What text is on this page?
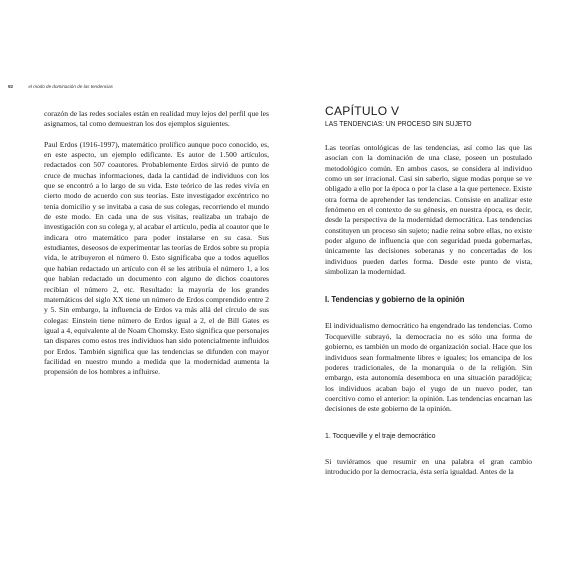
92	el modo de dominación de las tendencias

corazón de las redes sociales están en realidad muy lejos del perfil que les asignamos, tal como demuestran los dos ejemplos siguientes.

Paul Erdos (1916-1997), matemático prolífico aunque poco conocido, es, en este aspecto, un ejemplo edificante. Es autor de 1.500 artículos, redactados con 507 coautores. Probablemente Erdos sirvió de punto de cruce de muchas informaciones, dada la cantidad de individuos con los que se encontró a lo largo de su vida. Este teórico de las redes vivía en cierto modo de acuerdo con sus teorías. Este investigador excéntrico no tenía domicilio y se invitaba a casa de sus colegas, recorriendo el mundo de este modo. En cada una de sus visitas, realizaba un trabajo de investigación con su colega y, al acabar el artículo, pedía al coautor que le indicara otro matemático para poder instalarse en su casa. Sus estudiantes, deseosos de experimentar las teorías de Erdos sobre su propia vida, le atribuyeron el número 0. Esto significaba que a todos aquellos que habían redactado un artículo con él se les atribuía el número 1, a los que habían redactado un documento con alguno de dichos coautores recibían el número 2, etc. Resultado: la mayoría de los grandes matemáticos del siglo XX tiene un número de Erdos comprendido entre 2 y 5. Sin embargo, la influencia de Erdos va más allá del círculo de sus colegas: Einstein tiene número de Erdos igual a 2, el de Bill Gates es igual a 4, equivalente al de Noam Chomsky. Esto significa que personajes tan dispares como estos tres individuos han sido potencialmente influidos por Erdos. También significa que las tendencias se difunden con mayor facilidad en nuestro mundo a medida que la modernidad aumenta la propensión de los hombres a influirse.

CAPÍTULO V
LAS TENDENCIAS: UN PROCESO SIN SUJETO

Las teorías ontológicas de las tendencias, así como las que las asocian con la dominación de una clase, poseen un postulado metodológico común. En ambos casos, se considera al individuo como un ser irracional. Casi sin saberlo, sigue modas porque se ve obligado a ello por la época o por la clase a la que pertenece. Existe otra forma de aprehender las tendencias. Consiste en analizar este fenómeno en el contexto de su génesis, en nuestra época, es decir, desde la perspectiva de la modernidad democrática. Las tendencias constituyen un proceso sin sujeto; nadie reina sobre ellas, no existe poder alguno de influencia que con seguridad pueda gobernarlas, únicamente las decisiones soberanas y no concertadas de los individuos pueden darles forma. Desde este punto de vista, simbolizan la modernidad.

I. Tendencias y gobierno de la opinión

El individualismo democrático ha engendrado las tendencias. Como Tocqueville subrayó, la democracia no es sólo una forma de gobierno, es también un modo de organización social. Hace que los individuos sean formalmente libres e iguales; los emancipa de los poderes tradicionales, de la monarquía o de la religión. Sin embargo, esta autonomía desemboca en una situación paradójica; los individuos acaban bajo el yugo de un nuevo poder, tan coercitivo como el anterior: la opinión. Las tendencias encarnan las decisiones de este gobierno de la opinión.

1. Tocqueville y el traje democrático

Si tuviéramos que resumir en una palabra el gran cambio introducido por la democracia, ésta sería igualdad. Antes de la
